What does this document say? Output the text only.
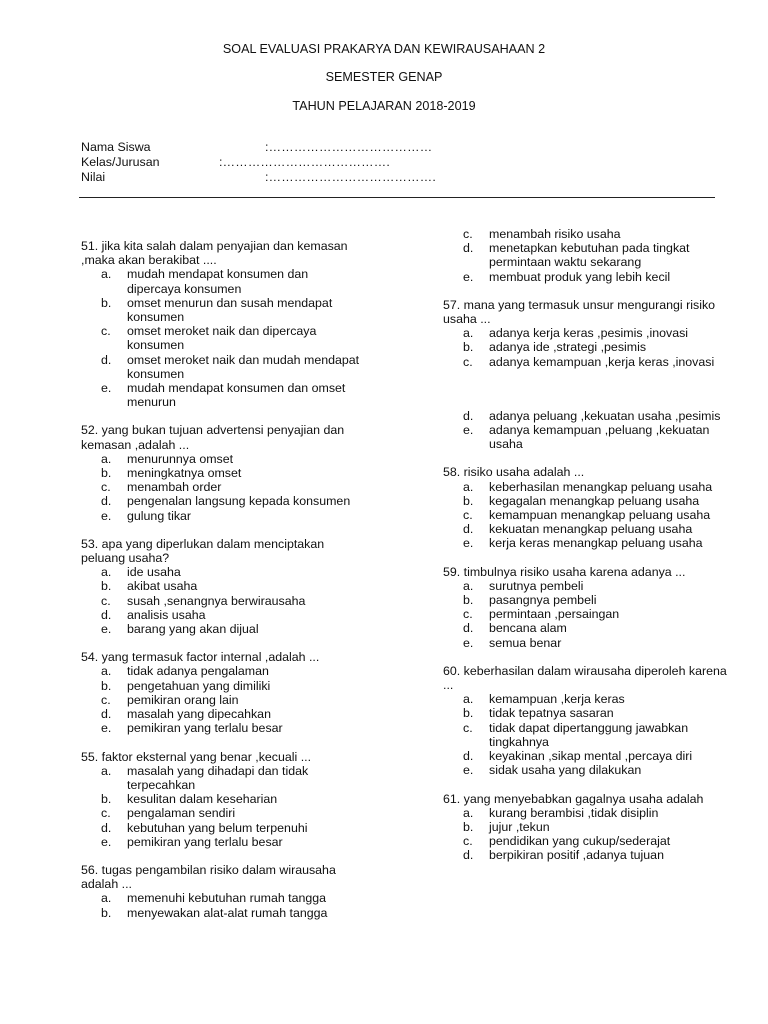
SOAL EVALUASI PRAKARYA DAN KEWIRAUSAHAAN 2
SEMESTER GENAP
TAHUN PELAJARAN 2018-2019
Nama Siswa	:…………………………………
Kelas/Jurusan	:………………………………….
Nilai	:………………………………….
51. jika kita salah dalam penyajian dan kemasan ,maka akan berakibat ....
a. mudah mendapat konsumen dan dipercaya konsumen
b. omset menurun dan susah mendapat konsumen
c. omset meroket naik dan dipercaya konsumen
d. omset meroket naik dan mudah mendapat konsumen
e. mudah mendapat konsumen dan omset menurun
52. yang bukan tujuan advertensi penyajian dan kemasan ,adalah ...
a. menurunnya omset
b. meningkatnya omset
c. menambah order
d. pengenalan langsung kepada konsumen
e. gulung tikar
53. apa yang diperlukan dalam menciptakan peluang usaha?
a. ide usaha
b. akibat usaha
c. susah ,senangnya berwirausaha
d. analisis usaha
e. barang yang akan dijual
54. yang termasuk factor internal ,adalah ...
a. tidak adanya pengalaman
b. pengetahuan yang dimiliki
c. pemikiran orang lain
d. masalah yang dipecahkan
e. pemikiran yang terlalu besar
55. faktor eksternal yang benar ,kecuali ...
a. masalah yang dihadapi dan tidak terpecahkan
b. kesulitan dalam keseharian
c. pengalaman sendiri
d. kebutuhan yang belum terpenuhi
e. pemikiran yang terlalu besar
56. tugas pengambilan risiko dalam wirausaha adalah ...
a. memenuhi kebutuhan rumah tangga
b. menyewakan alat-alat rumah tangga
c. menambah risiko usaha
d. menetapkan kebutuhan pada tingkat permintaan waktu sekarang
e. membuat produk yang lebih kecil
57. mana yang termasuk unsur mengurangi risiko usaha ...
a. adanya kerja keras ,pesimis ,inovasi
b. adanya ide ,strategi ,pesimis
c. adanya kemampuan ,kerja keras ,inovasi
d. adanya peluang ,kekuatan usaha ,pesimis
e. adanya kemampuan ,peluang ,kekuatan usaha
58. risiko usaha adalah ...
a. keberhasilan menangkap peluang usaha
b. kegagalan menangkap peluang usaha
c. kemampuan menangkap peluang usaha
d. kekuatan menangkap peluang usaha
e. kerja keras menangkap peluang usaha
59. timbulnya risiko usaha karena adanya ...
a. surutnya pembeli
b. pasangnya pembeli
c. permintaan ,persaingan
d. bencana alam
e. semua benar
60. keberhasilan dalam wirausaha diperoleh karena ...
a. kemampuan ,kerja keras
b. tidak tepatnya sasaran
c. tidak dapat dipertanggung jawabkan tingkahnya
d. keyakinan ,sikap mental ,percaya diri
e. sidak usaha yang dilakukan
61. yang menyebabkan gagalnya usaha adalah
a. kurang berambisi ,tidak disiplin
b. jujur ,tekun
c. pendidikan yang cukup/sederajat
d. berpikiran positif ,adanya tujuan
